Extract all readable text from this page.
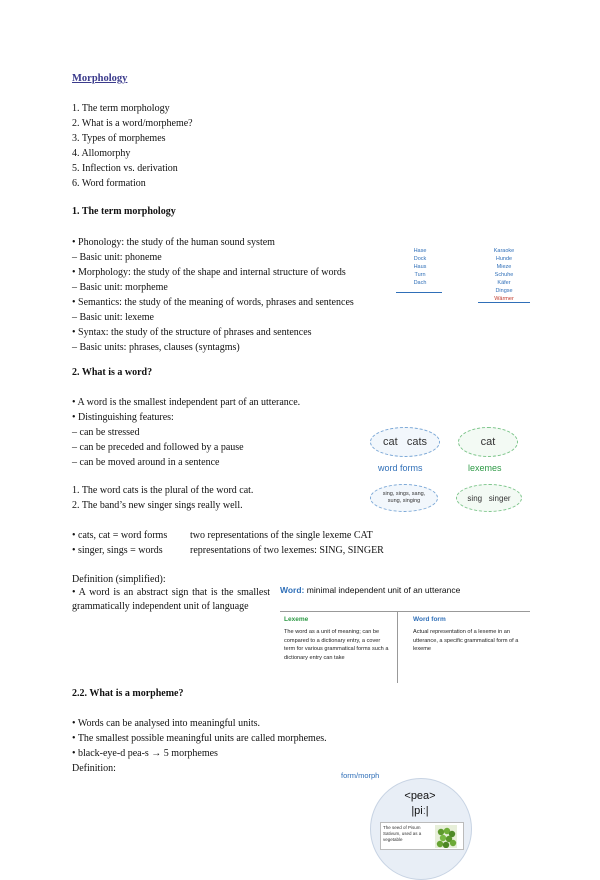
Morphology
1. The term morphology
2. What is a word/morpheme?
3. Types of morphemes
4. Allomorphy
5. Inflection vs. derivation
6. Word formation
1. The term morphology
• Phonology: the study of the human sound system
– Basic unit: phoneme
• Morphology: the study of the shape and internal structure of words
– Basic unit: morpheme
• Semantics: the study of the meaning of words, phrases and sentences
– Basic unit: lexeme
• Syntax: the study of the structure of phrases and sentences
– Basic units: phrases, clauses (syntagms)
Hase
Dock
Haus
Turn
Dach
Karaoke
Hunde
Mieze
Schuhe
Käfer
Dingse
Wärmer
2. What is a word?
• A word is the smallest independent part of an utterance.
• Distinguishing features:
– can be stressed
– can be preceded and followed by a pause
– can be moved around in a sentence
1. The word cats is the plural of the word cat.
2. The band’s new singer sings really well.
cat   cats	cat
word forms	lexemes
sing, sings, sang,
sung, singing	sing   singer
• cats, cat = word forms two representations of the single lexeme CAT
• singer, sings = words	representations of two lexemes: SING, SINGER
Definition (simplified):
• A word is an abstract sign that is the smallest grammatically independent unit of language
Word: minimal independent unit of an utterance
Lexeme
The word as a unit of meaning; can be compared to a dictionary entry, a cover term for various grammatical forms such a dictionary entry can take
Word form
Actual representation of a lexeme in an utterance, a specific grammatical form of a lexeme
2.2. What is a morpheme?
• Words can be analysed into meaningful units.
• The smallest possible meaningful units are called morphemes.
• black-eye-d pea-s → 5 morphemes
Definition:
form/morph
<pea>
|piː|
The seed of Pisum Sativum, used as a vegetable
